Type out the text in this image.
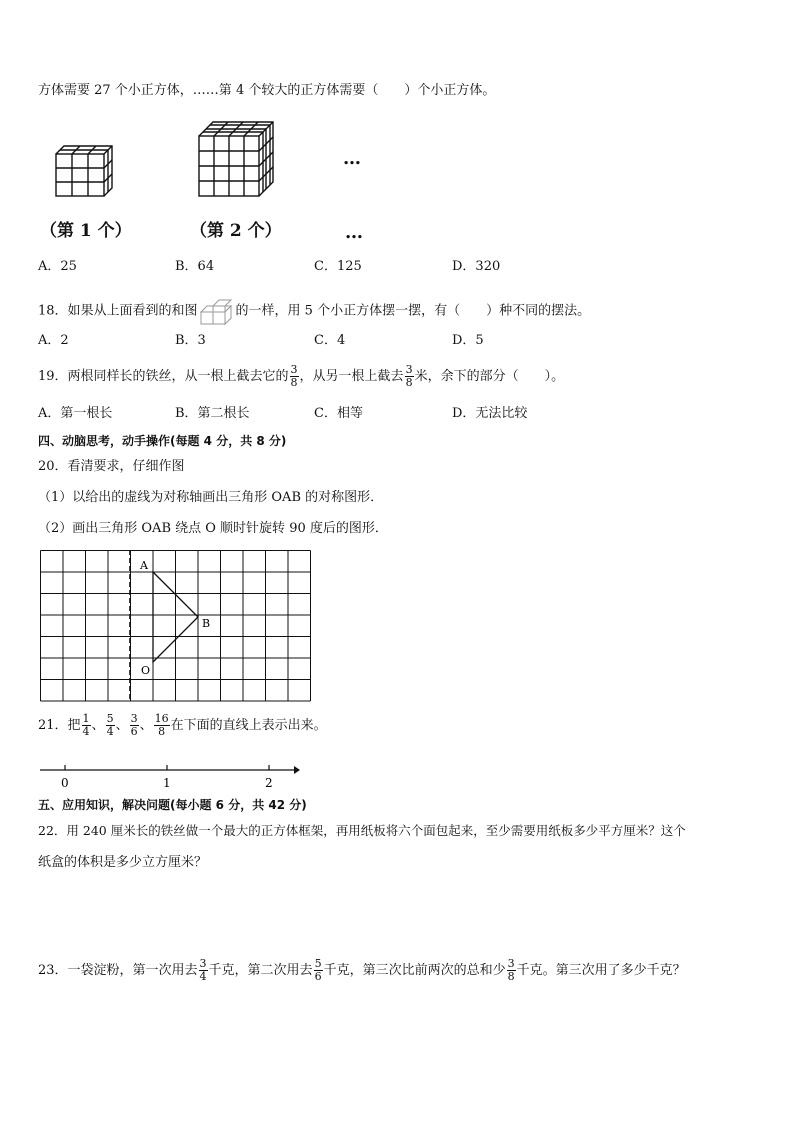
方体需要 27 个小正方体，……第 4 个较大的正方体需要（　　）个小正方体。
…
（第 1 个）	（第 2 个）	…
A．25	B．64	C．125	D．320
18．如果从上面看到的和图	的一样，用 5 个小正方体摆一摆，有（　　）种不同的摆法。
A．2	B．3	C．4	D．5
19．两根同样长的铁丝，从一根上截去它的 $\frac{3}{8}$ ，从另一根上截去 $\frac{3}{8}$ 米，余下的部分（　　）。
A．第一根长	B．第二根长	C．相等	D．无法比较
四、动脑思考，动手操作(每题 4 分，共 8 分)
20．看清要求，仔细作图
（1）以给出的虚线为对称轴画出三角形 OAB 的对称图形．
（2）画出三角形 OAB 绕点 O 顺时针旋转 90 度后的图形．
A
B
O
21．把 $\frac{1}{4}$ 、 $\frac{5}{4}$ 、 $\frac{3}{6}$ 、 $\frac{16}{8}$ 在下面的直线上表示出来。
0	1	2
五、应用知识，解决问题(每小题 6 分，共 42 分)
22．用 240 厘米长的铁丝做一个最大的正方体框架，再用纸板将六个面包起来，至少需要用纸板多少平方厘米？这个
纸盒的体积是多少立方厘米？
23．一袋淀粉，第一次用去 $\frac{3}{4}$ 千克，第二次用去 $\frac{5}{6}$ 千克，第三次比前两次的总和少 $\frac{3}{8}$ 千克。第三次用了多少千克？
